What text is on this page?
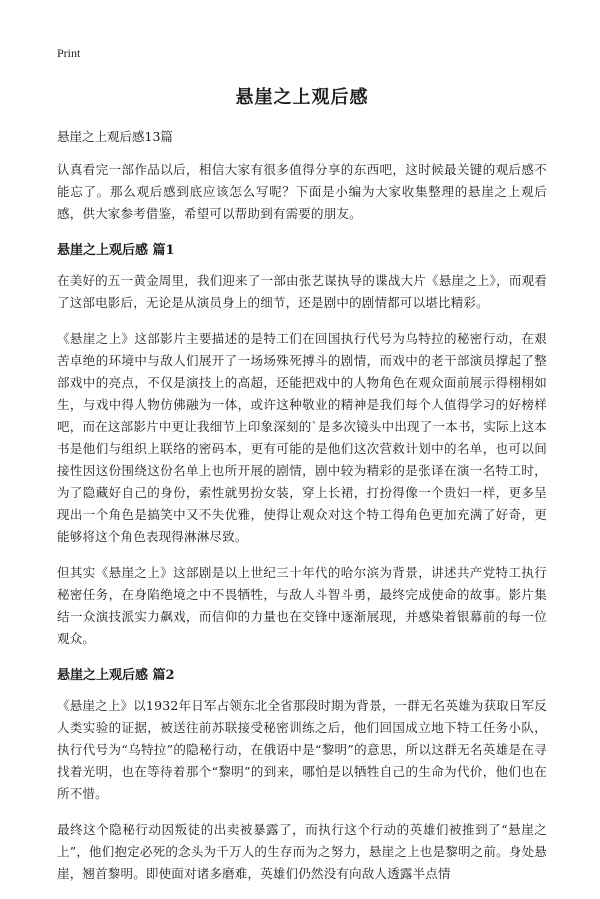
Print
悬崖之上观后感
悬崖之上观后感13篇

认真看完一部作品以后，相信大家有很多值得分享的东西吧，这时候最关键的观后感不能忘了。那么观后感到底应该怎么写呢？下面是小编为大家收集整理的悬崖之上观后感，供大家参考借鉴，希望可以帮助到有需要的朋友。

悬崖之上观后感 篇1

在美好的五一黄金周里，我们迎来了一部由张艺谋执导的谍战大片《悬崖之上》，而观看了这部电影后，无论是从演员身上的细节，还是剧中的剧情都可以堪比精彩。

《悬崖之上》这部影片主要描述的是特工们在回国执行代号为乌特拉的秘密行动，在艰苦卓绝的环境中与敌人们展开了一场场殊死搏斗的剧情，而戏中的老干部演员撑起了整部戏中的亮点，不仅是演技上的高超，还能把戏中的人物角色在观众面前展示得栩栩如生，与戏中得人物仿佛融为一体，或许这种敬业的精神是我们每个人值得学习的好榜样吧，而在这部影片中更让我细节上印象深刻的`是多次镜头中出现了一本书，实际上这本书是他们与组织上联络的密码本，更有可能的是他们这次营救计划中的名单，也可以间接性因这份围绕这份名单上也所开展的剧情，剧中较为精彩的是张译在演一名特工时，为了隐藏好自己的身份，索性就男扮女装，穿上长裙，打扮得像一个贵妇一样，更多呈现出一个角色是搞笑中又不失优雅，使得让观众对这个特工得角色更加充满了好奇，更能够将这个角色表现得淋淋尽致。

但其实《悬崖之上》这部剧是以上世纪三十年代的哈尔滨为背景，讲述共产党特工执行秘密任务，在身陷绝境之中不畏牺牲，与敌人斗智斗勇，最终完成使命的故事。影片集结一众演技派实力飙戏，而信仰的力量也在交锋中逐渐展现，并感染着银幕前的每一位观众。

悬崖之上观后感 篇2

《悬崖之上》以1932年日军占领东北全省那段时期为背景，一群无名英雄为获取日军反人类实验的证据，被送往前苏联接受秘密训练之后，他们回国成立地下特工任务小队，执行代号为“乌特拉”的隐秘行动，在俄语中是“黎明”的意思，所以这群无名英雄是在寻找着光明，也在等待着那个“黎明”的到来，哪怕是以牺牲自己的生命为代价，他们也在所不惜。

最终这个隐秘行动因叛徒的出卖被暴露了，而执行这个行动的英雄们被推到了“悬崖之上”，他们抱定必死的念头为千万人的生存而为之努力，悬崖之上也是黎明之前。身处悬崖，翘首黎明。即使面对诸多磨难，英雄们仍然没有向敌人透露半点情
